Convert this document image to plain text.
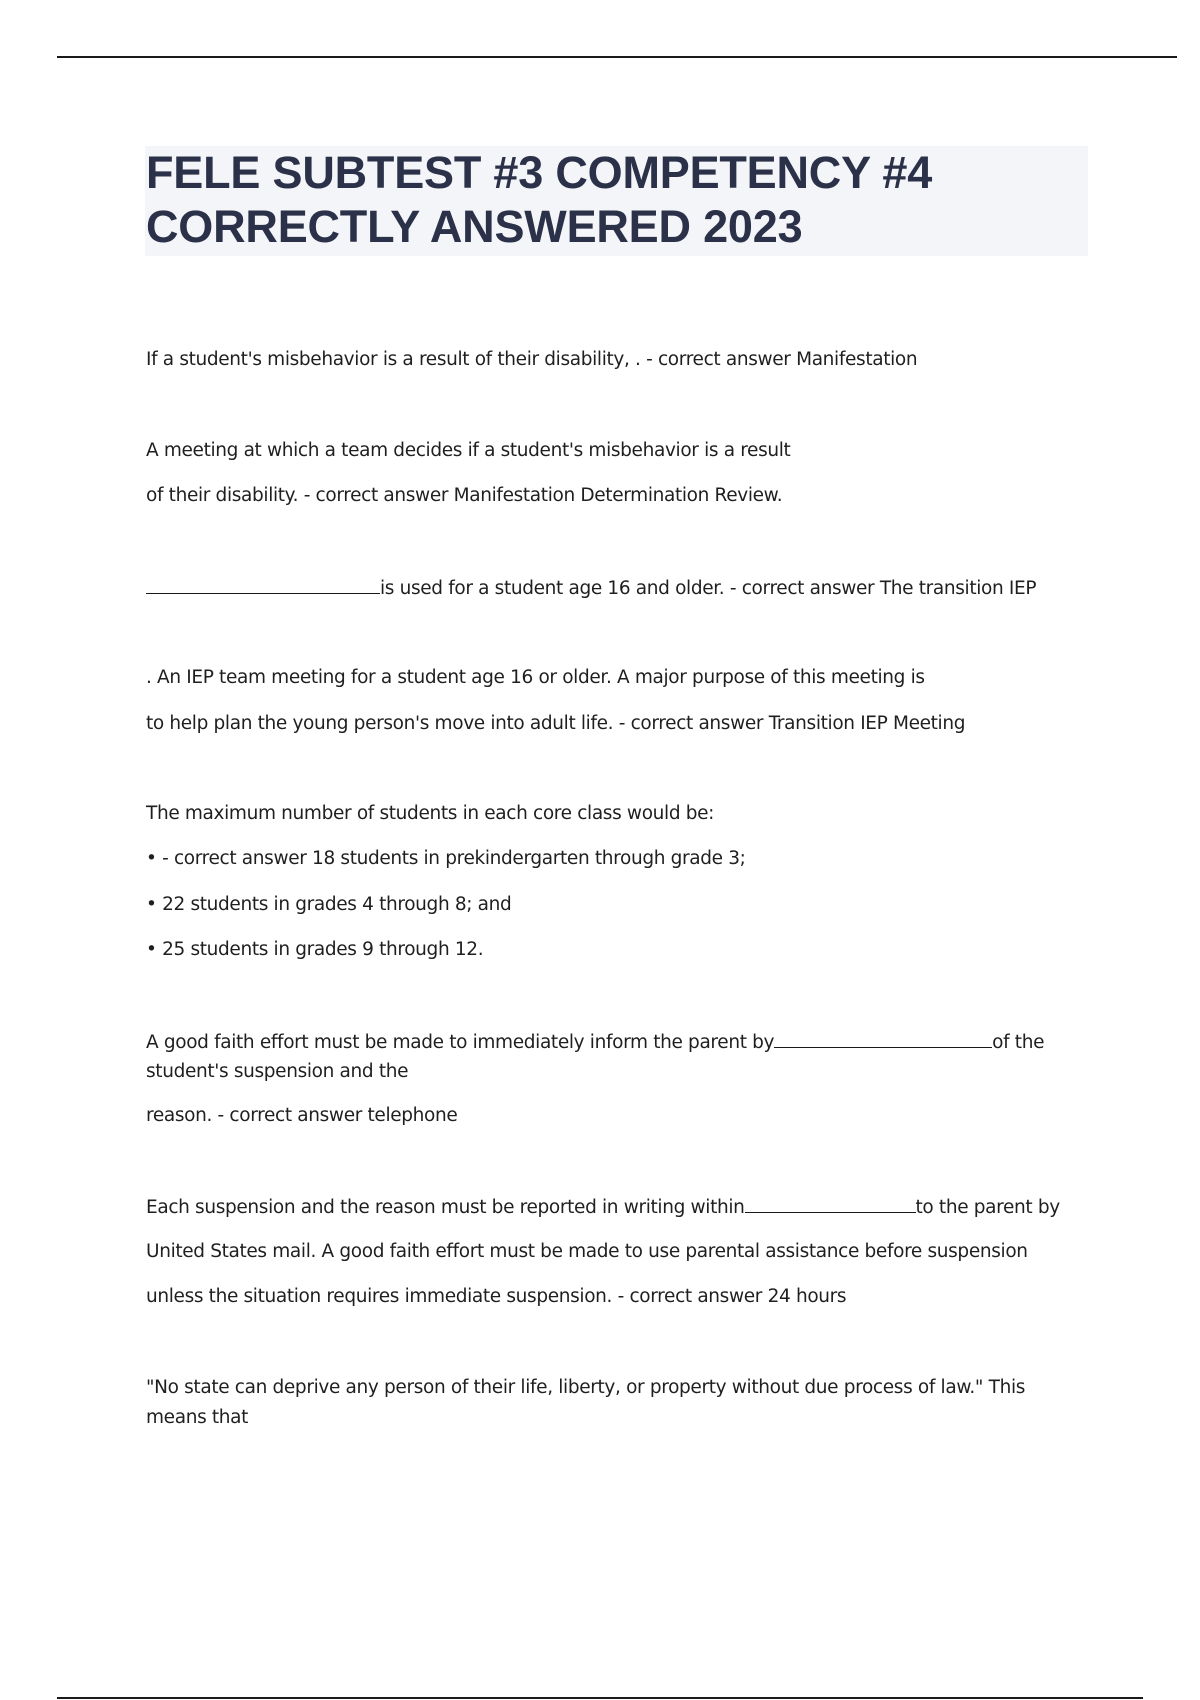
FELE SUBTEST #3 COMPETENCY #4
CORRECTLY ANSWERED 2023
If a student's misbehavior is a result of their disability, . - correct answer Manifestation
A meeting at which a team decides if a student's misbehavior is a result
of their disability. - correct answer Manifestation Determination Review.
is used for a student age 16 and older. - correct answer The transition IEP
. An IEP team meeting for a student age 16 or older. A major purpose of this meeting is
to help plan the young person's move into adult life. - correct answer Transition IEP Meeting
The maximum number of students in each core class would be:
• - correct answer 18 students in prekindergarten through grade 3;
• 22 students in grades 4 through 8; and
• 25 students in grades 9 through 12.
A good faith effort must be made to immediately inform the parent by	of the
student's suspension and the
reason. - correct answer telephone
Each suspension and the reason must be reported in writing within	to the parent by
United States mail. A good faith effort must be made to use parental assistance before suspension
unless the situation requires immediate suspension. - correct answer 24 hours
"No state can deprive any person of their life, liberty, or property without due process of law." This
means that
